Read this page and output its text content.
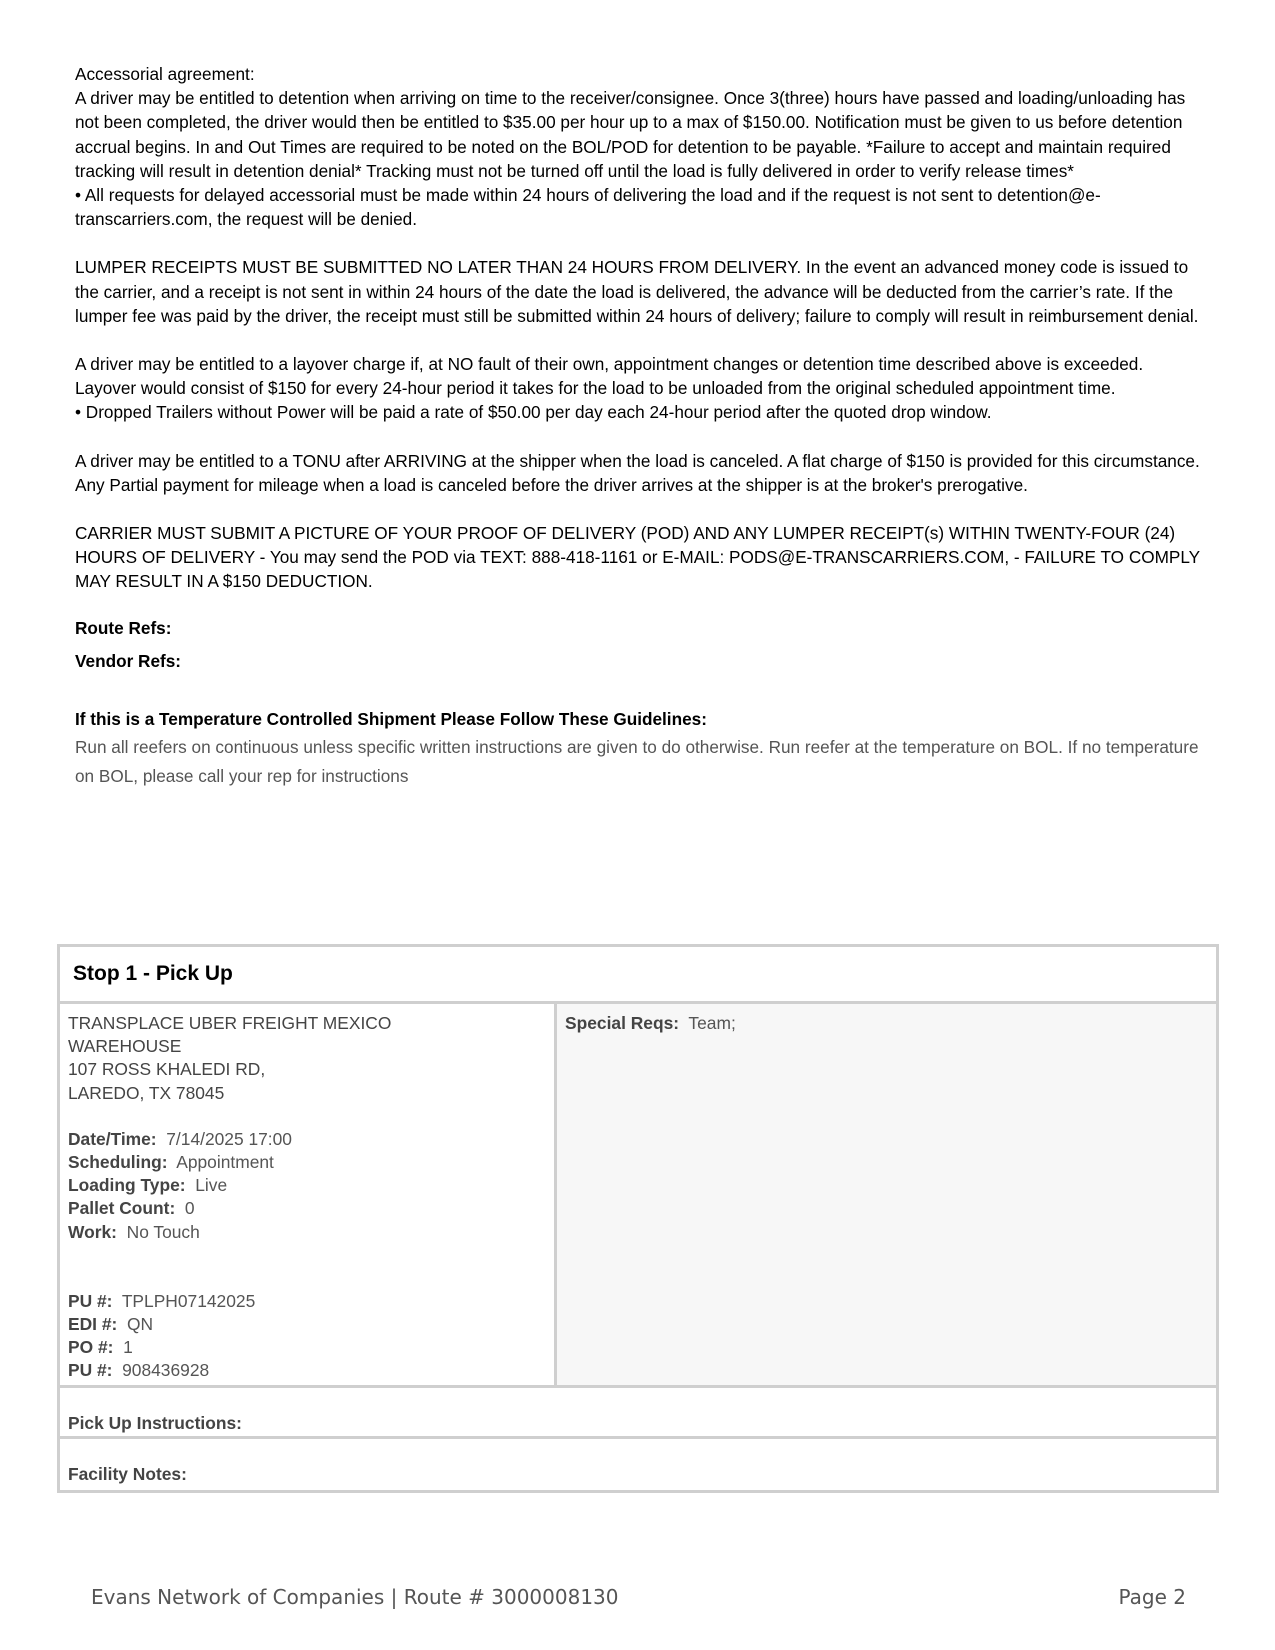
Accessorial agreement:

A driver may be entitled to detention when arriving on time to the receiver/consignee. Once 3(three) hours have passed and loading/unloading has not been completed, the driver would then be entitled to $35.00 per hour up to a max of $150.00. Notification must be given to us before detention accrual begins. In and Out Times are required to be noted on the BOL/POD for detention to be payable. *Failure to accept and maintain required tracking will result in detention denial* Tracking must not be turned off until the load is fully delivered in order to verify release times*

• All requests for delayed accessorial must be made within 24 hours of delivering the load and if the request is not sent to detention@e-transcarriers.com, the request will be denied.

LUMPER RECEIPTS MUST BE SUBMITTED NO LATER THAN 24 HOURS FROM DELIVERY. In the event an advanced money code is issued to the carrier, and a receipt is not sent in within 24 hours of the date the load is delivered, the advance will be deducted from the carrier’s rate. If the lumper fee was paid by the driver, the receipt must still be submitted within 24 hours of delivery; failure to comply will result in reimbursement denial.

A driver may be entitled to a layover charge if, at NO fault of their own, appointment changes or detention time described above is exceeded. Layover would consist of $150 for every 24-hour period it takes for the load to be unloaded from the original scheduled appointment time.

• Dropped Trailers without Power will be paid a rate of $50.00 per day each 24-hour period after the quoted drop window.

A driver may be entitled to a TONU after ARRIVING at the shipper when the load is canceled. A flat charge of $150 is provided for this circumstance. Any Partial payment for mileage when a load is canceled before the driver arrives at the shipper is at the broker's prerogative.

CARRIER MUST SUBMIT A PICTURE OF YOUR PROOF OF DELIVERY (POD) AND ANY LUMPER RECEIPT(s) WITHIN TWENTY-FOUR (24) HOURS OF DELIVERY - You may send the POD via TEXT: 888-418-1161 or E-MAIL: PODS@E-TRANSCARRIERS.COM, - FAILURE TO COMPLY MAY RESULT IN A $150 DEDUCTION.

Route Refs:
Vendor Refs:
If this is a Temperature Controlled Shipment Please Follow These Guidelines:
Run all reefers on continuous unless specific written instructions are given to do otherwise. Run reefer at the temperature on BOL. If no temperature on BOL, please call your rep for instructions
Stop 1 - Pick Up
TRANSPLACE UBER FREIGHT MEXICO
WAREHOUSE
107 ROSS KHALEDI RD,
LAREDO, TX 78045
Date/Time: 7/14/2025 17:00
Scheduling: Appointment
Loading Type: Live
Pallet Count: 0
Work: No Touch
PU #: TPLPH07142025
EDI #: QN
PO #: 1
PU #: 908436928
Special Reqs: Team;
Pick Up Instructions:
Facility Notes:
Evans Network of Companies | Route # 3000008130	Page 2
